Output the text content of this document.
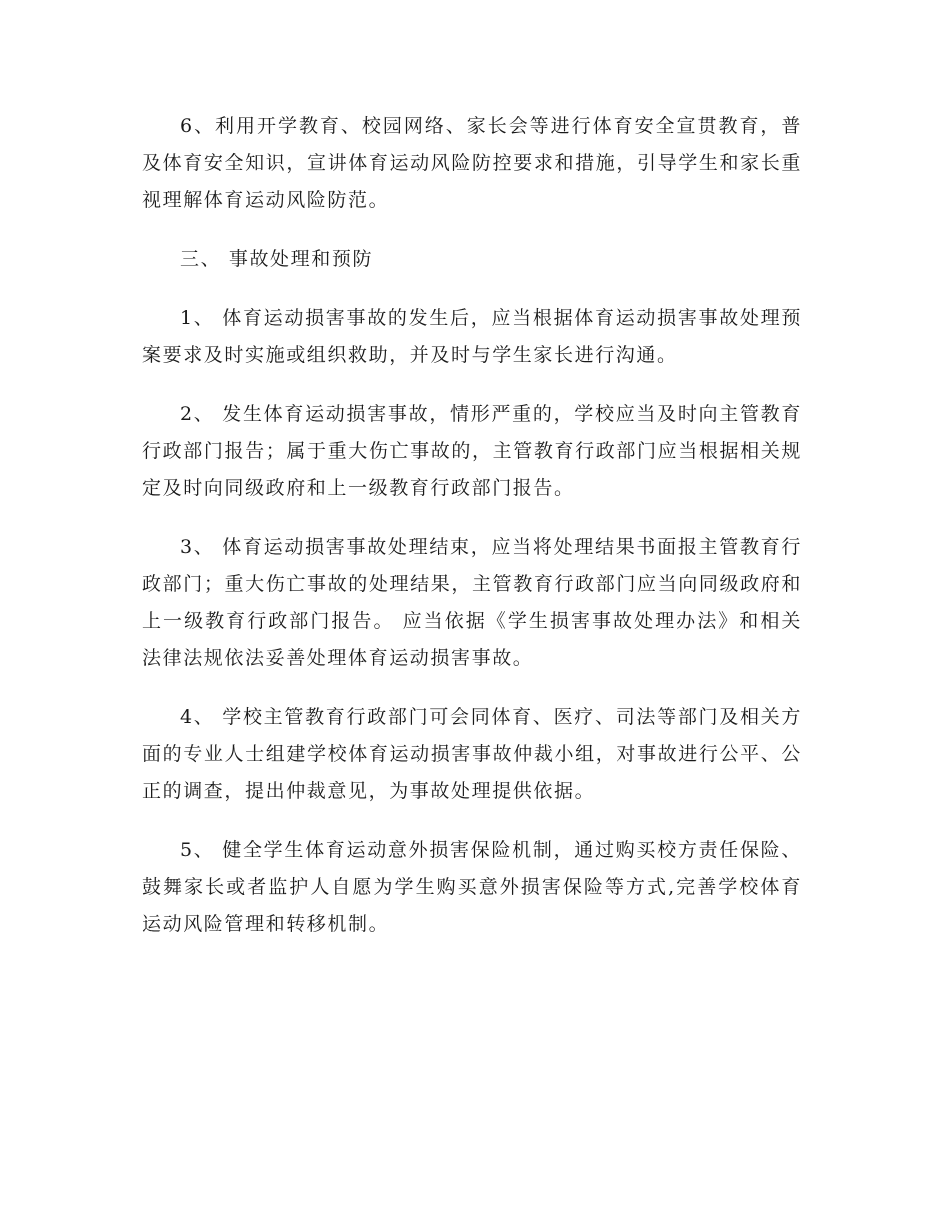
6、利用开学教育、校园网络、家长会等进行体育安全宣贯教育，普及体育安全知识，宣讲体育运动风险防控要求和措施，引导学生和家长重视理解体育运动风险防范。

三、 事故处理和预防

1、 体育运动损害事故的发生后，应当根据体育运动损害事故处理预案要求及时实施或组织救助，并及时与学生家长进行沟通。

2、 发生体育运动损害事故，情形严重的，学校应当及时向主管教育行政部门报告；属于重大伤亡事故的，主管教育行政部门应当根据相关规定及时向同级政府和上一级教育行政部门报告。

3、 体育运动损害事故处理结束，应当将处理结果书面报主管教育行政部门；重大伤亡事故的处理结果，主管教育行政部门应当向同级政府和上一级教育行政部门报告。 应当依据《学生损害事故处理办法》和相关法律法规依法妥善处理体育运动损害事故。

4、 学校主管教育行政部门可会同体育、医疗、司法等部门及相关方面的专业人士组建学校体育运动损害事故仲裁小组，对事故进行公平、公正的调查，提出仲裁意见，为事故处理提供依据。

5、 健全学生体育运动意外损害保险机制，通过购买校方责任保险、鼓舞家长或者监护人自愿为学生购买意外损害保险等方式,完善学校体育运动风险管理和转移机制。
